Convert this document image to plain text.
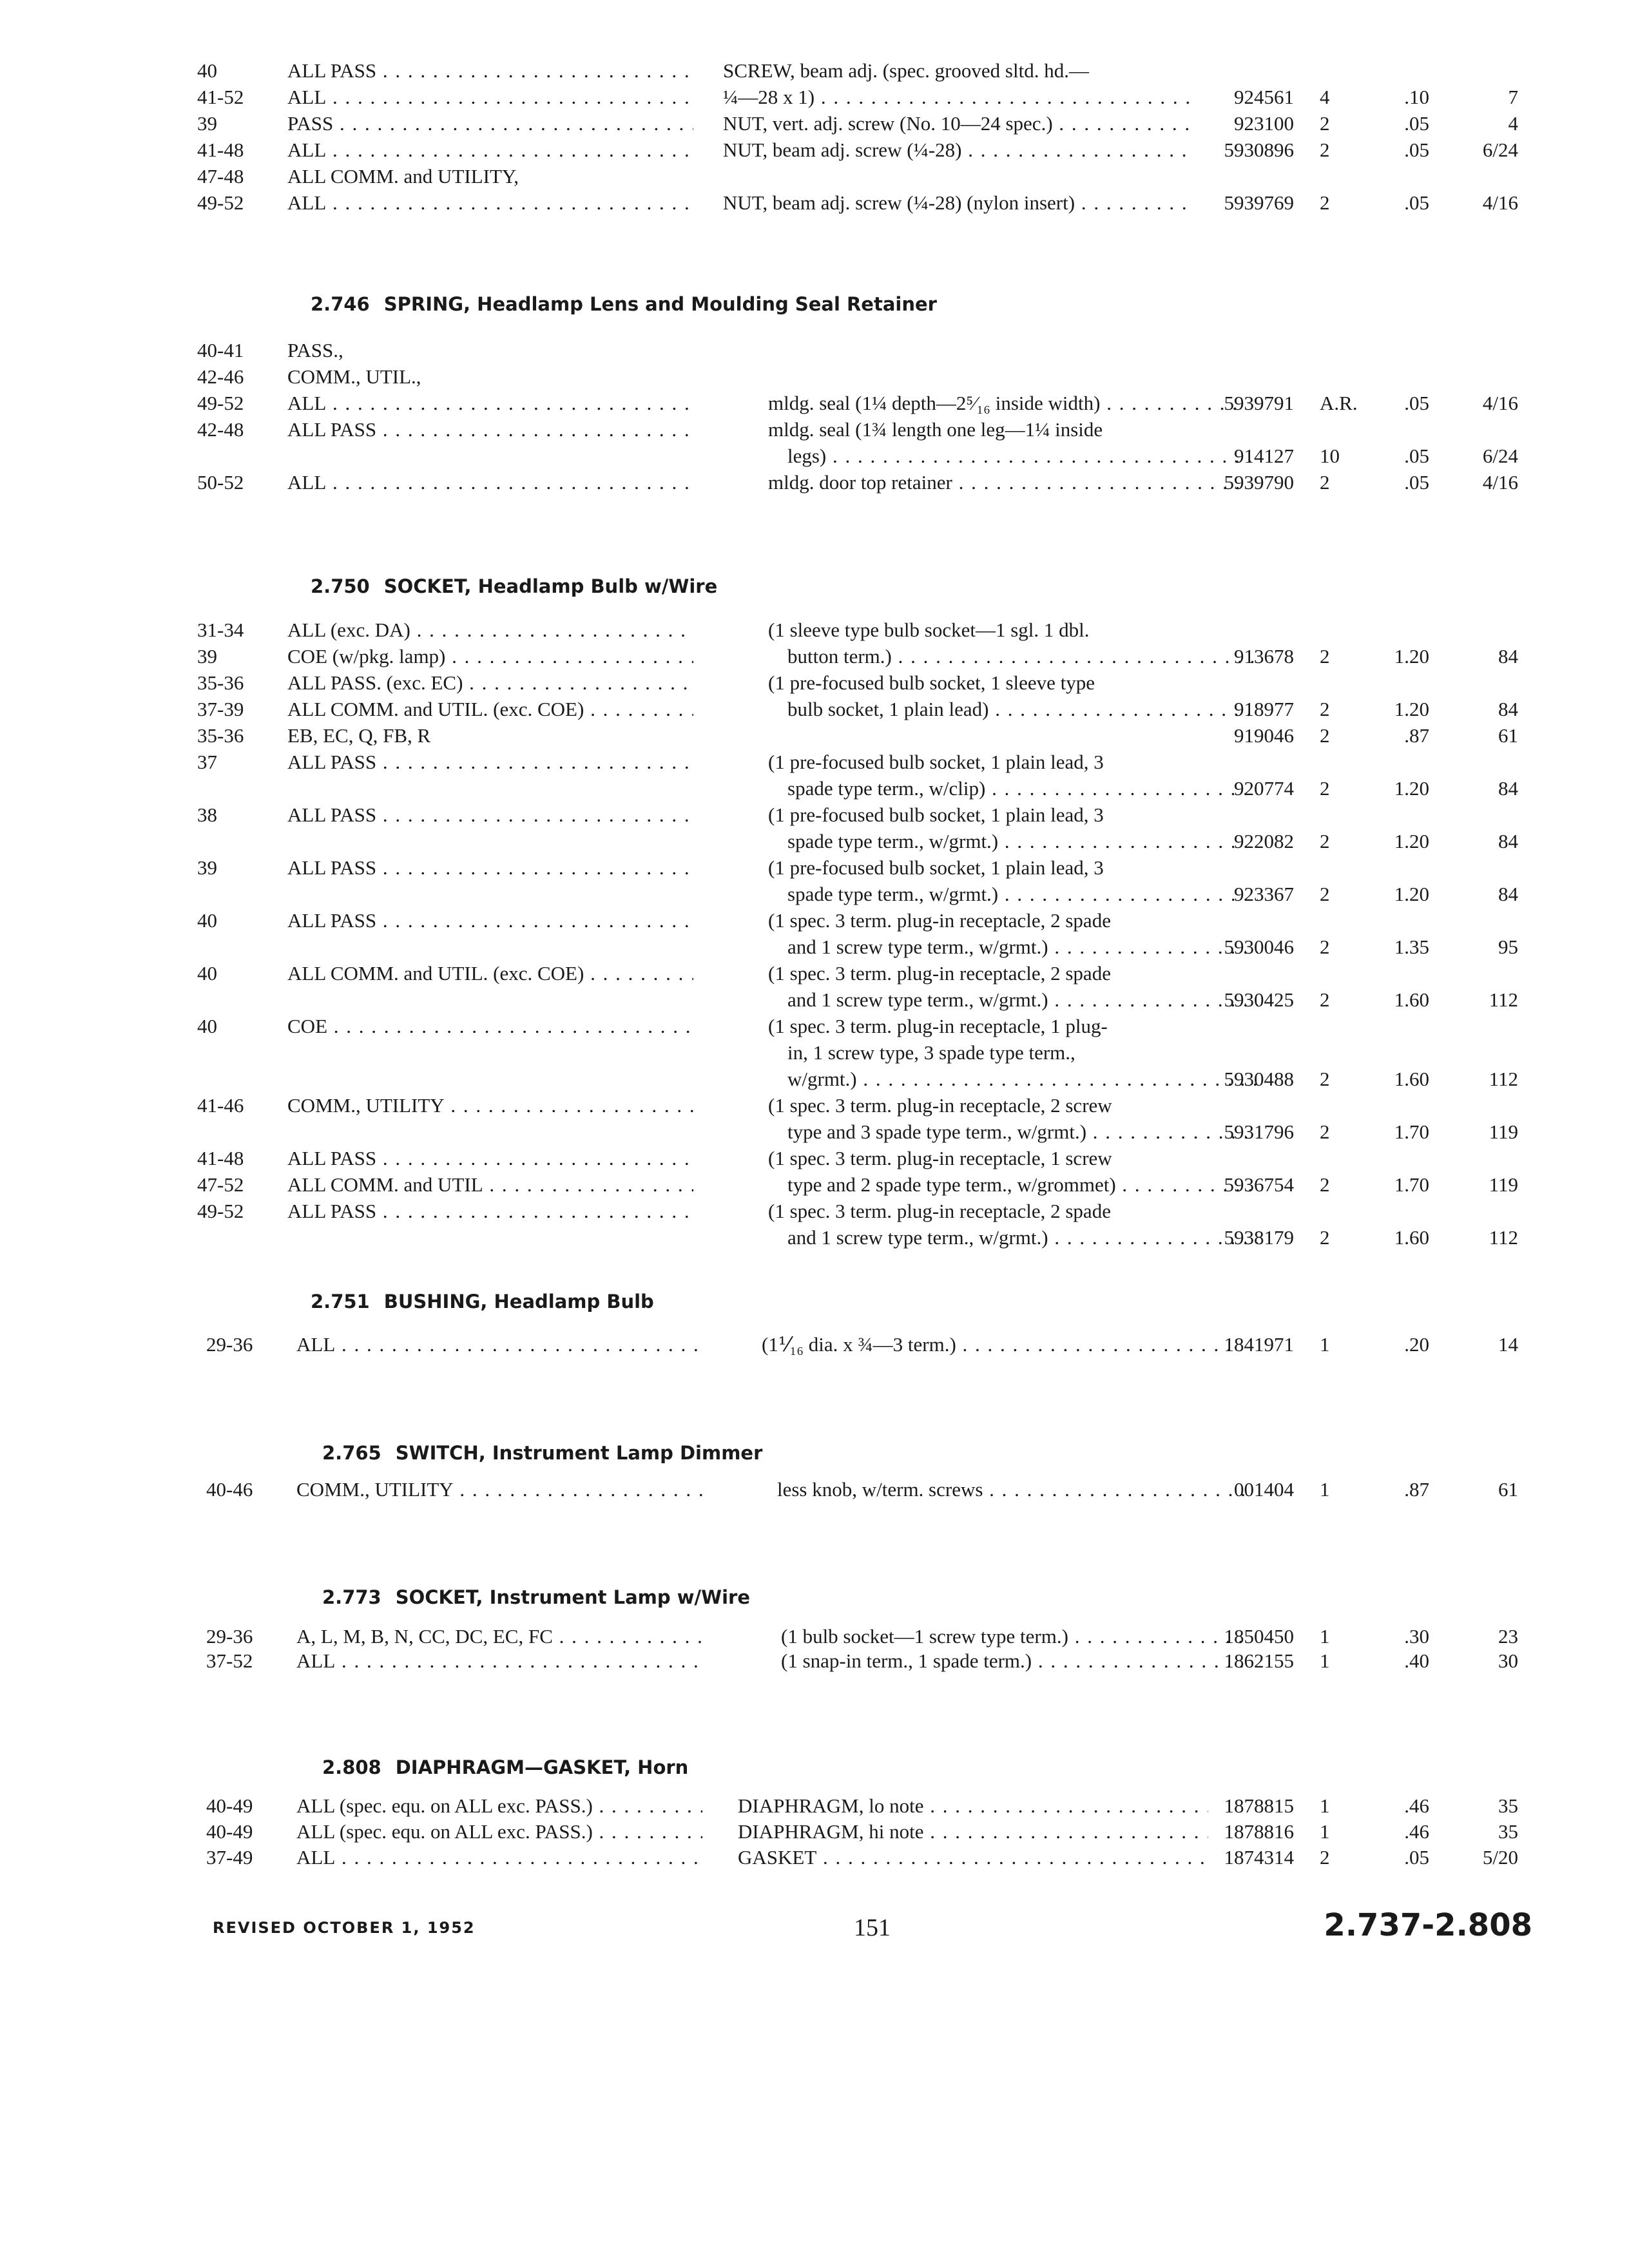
40	ALL PASS . . .	SCREW, beam adj. (spec. grooved sltd. hd.—
41-52 ALL . . .	¼—28 x 1) . . .	924561 4	.10	7
39	PASS . . .	NUT, vert. adj. screw (No. 10—24 spec.) . . .	923100 2	.05	4
41-48 ALL . . .	NUT, beam adj. screw (¼-28) . . .	5930896 2	.05	6/24
47-48 ALL COMM. and UTILITY,
49-52 ALL . . .	NUT, beam adj. screw (¼-28) (nylon insert) . . .	5939769 2	.05	4/16
2.746 SPRING, Headlamp Lens and Moulding Seal Retainer
40-41 PASS.,
42-46 COMM., UTIL.,
49-52 ALL . . .	mldg. seal (1¼ depth—2⁵⁄₁₆ inside width) . . .	5939791 A.R.	.05	4/16
42-48 ALL PASS . . .	mldg. seal (1¾ length one leg—1¼ inside
legs) . . .	914127 10	.05	6/24
50-52 ALL . . .	mldg. door top retainer . . .	5939790 2	.05	4/16
2.750 SOCKET, Headlamp Bulb w/Wire
31-34 ALL (exc. DA) . . .	(1 sleeve type bulb socket—1 sgl. 1 dbl.
39	COE (w/pkg. lamp) . . .	button term.) . . .	913678 2	1.20	84
35-36 ALL PASS. (exc. EC) . . .	(1 pre-focused bulb socket, 1 sleeve type
37-39 ALL COMM. and UTIL. (exc. COE) . . .	bulb socket, 1 plain lead) . . .	918977 2	1.20	84
35-36 EB, EC, Q, FB, R	919046 2	.87	61
37	ALL PASS . . .	(1 pre-focused bulb socket, 1 plain lead, 3
spade type term., w/clip) . . .	920774 2	1.20	84
38	ALL PASS . . .	(1 pre-focused bulb socket, 1 plain lead, 3
spade type term., w/grmt.) . . .	922082 2	1.20	84
39	ALL PASS . . .	(1 pre-focused bulb socket, 1 plain lead, 3
spade type term., w/grmt.) . . .	923367 2	1.20	84
40	ALL PASS . . .	(1 spec. 3 term. plug-in receptacle, 2 spade
and 1 screw type term., w/grmt.) . . .	5930046 2	1.35	95
40	ALL COMM. and UTIL. (exc. COE) . . .	(1 spec. 3 term. plug-in receptacle, 2 spade
and 1 screw type term., w/grmt.) . . .	5930425 2	1.60	112
40	COE . . .	(1 spec. 3 term. plug-in receptacle, 1 plug-
in, 1 screw type, 3 spade type term.,
w/grmt.) . . .	5930488 2	1.60	112
41-46 COMM., UTILITY . . .	(1 spec. 3 term. plug-in receptacle, 2 screw
type and 3 spade type term., w/grmt.) . . .	5931796 2	1.70	119
41-48 ALL PASS . . .	(1 spec. 3 term. plug-in receptacle, 1 screw
47-52 ALL COMM. and UTIL . . .	type and 2 spade type term., w/grommet) . . .	5936754 2	1.70	119
49-52 ALL PASS . . .	(1 spec. 3 term. plug-in receptacle, 2 spade
and 1 screw type term., w/grmt.) . . .	5938179 2	1.60	112
2.751 BUSHING, Headlamp Bulb
29-36 ALL . . .	(1⅟₁₆ dia. x ¾—3 term.) . . .	1841971 1	.20	14
2.765 SWITCH, Instrument Lamp Dimmer
40-46 COMM., UTILITY . . .	less knob, w/term. screws . . .	001404 1	.87	61
2.773 SOCKET, Instrument Lamp w/Wire
29-36 A, L, M, B, N, CC, DC, EC, FC . . .	(1 bulb socket—1 screw type term.) . . .	1850450 1	.30	23
37-52 ALL . . .	(1 snap-in term., 1 spade term.) . . .	1862155 1	.40	30
2.808 DIAPHRAGM—GASKET, Horn
40-49 ALL (spec. equ. on ALL exc. PASS.) . . .	DIAPHRAGM, lo note . . .	1878815 1	.46	35
40-49 ALL (spec. equ. on ALL exc. PASS.) . . .	DIAPHRAGM, hi note . . .	1878816 1	.46	35
37-49 ALL . . .	GASKET . . .	1874314 2	.05	5/20
REVISED OCTOBER 1, 1952	151	2.737-2.808
